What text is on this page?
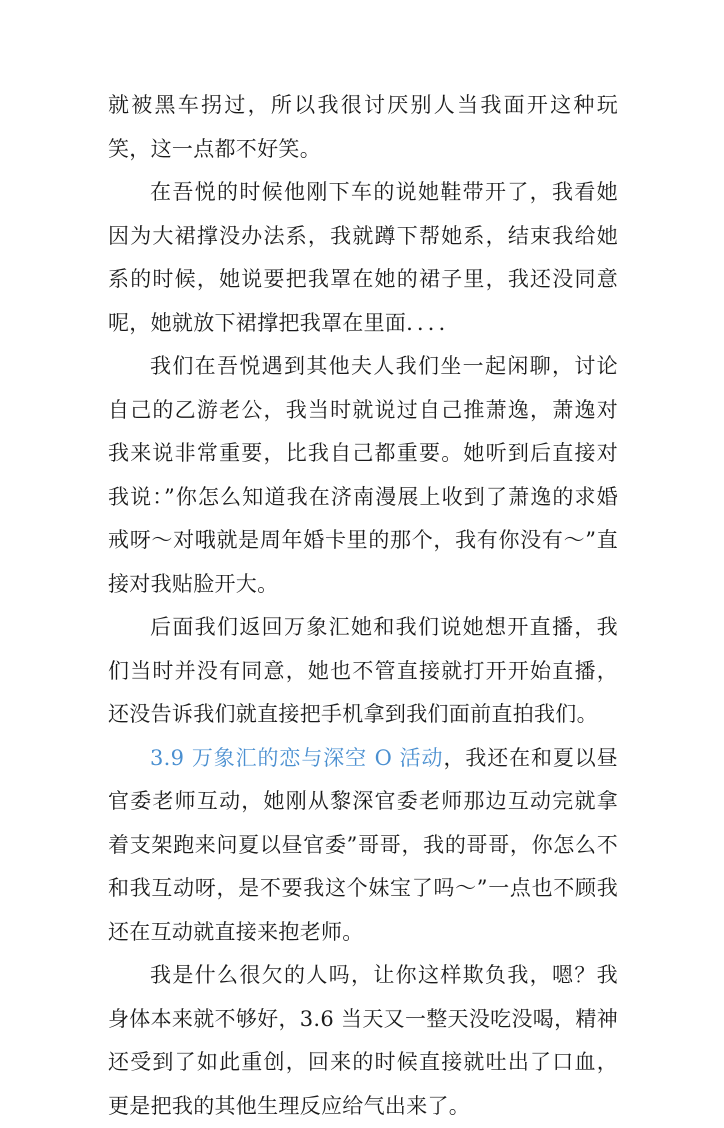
就被黑车拐过，所以我很讨厌别人当我面开这种玩笑，这一点都不好笑。

在吾悦的时候他刚下车的说她鞋带开了，我看她因为大裙撑没办法系，我就蹲下帮她系，结束我给她系的时候，她说要把我罩在她的裙子里，我还没同意呢，她就放下裙撑把我罩在里面．．．．

我们在吾悦遇到其他夫人我们坐一起闲聊，讨论自己的乙游老公，我当时就说过自己推萧逸，萧逸对我来说非常重要，比我自己都重要。她听到后直接对我说：”你怎么知道我在济南漫展上收到了萧逸的求婚戒呀～对哦就是周年婚卡里的那个，我有你没有～”直接对我贴脸开大。

后面我们返回万象汇她和我们说她想开直播，我们当时并没有同意，她也不管直接就打开开始直播，还没告诉我们就直接把手机拿到我们面前直拍我们。

3.9 万象汇的恋与深空 O 活动，我还在和夏以昼官委老师互动，她刚从黎深官委老师那边互动完就拿着支架跑来问夏以昼官委”哥哥，我的哥哥，你怎么不和我互动呀，是不要我这个妹宝了吗～”一点也不顾我还在互动就直接来抱老师。

我是什么很欠的人吗，让你这样欺负我，嗯？我身体本来就不够好，3.6 当天又一整天没吃没喝，精神还受到了如此重创，回来的时候直接就吐出了口血，更是把我的其他生理反应给气出来了。
